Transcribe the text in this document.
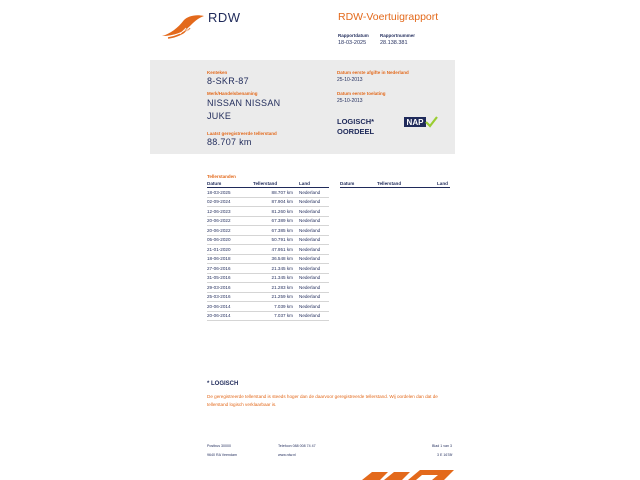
RDW	RDW-Voertuigrapport
Rapportdatum
18-03-2025
Rapportnummer
28.138.381
Kenteken
8-SKR-87
Merk/Handelsbenaming
NISSAN NISSAN
JUKE
Laatst geregistreerde tellerstand
88.707 km
Datum eerste afgifte in Nederland
25-10-2013
Datum eerste toelating
25-10-2013
LOGISCH*
OORDEEL
NAP
Tellerstanden
Datum	Tellerstand	Land
18-03-2025	88.707 km	Nederland
02-09-2024	87.904 km	Nederland
12-06-2023	81.260 km	Nederland
20-06-2022	67.389 km	Nederland
20-06-2022	67.385 km	Nederland
05-06-2020	50.791 km	Nederland
21-01-2020	47.951 km	Nederland
18-06-2018	36.548 km	Nederland
27-06-2016	21.345 km	Nederland
31-05-2016	21.345 km	Nederland
29-03-2016	21.283 km	Nederland
25-03-2016	21.259 km	Nederland
20-06-2014	7.039 km	Nederland
20-06-2014	7.037 km	Nederland
Datum	Tellerstand	Land
* LOGISCH
De geregistreerde tellerstand is steeds hoger dan de daarvoor geregistreerde tellerstand. Wij oordelen dan dat de tellerstand logisch verklaarbaar is.
Postbus 30000
9640 RA Veendam
Telefoon 088 008 74 47
www.rdw.nl
Blad 1 van 3
3 E 1678f
